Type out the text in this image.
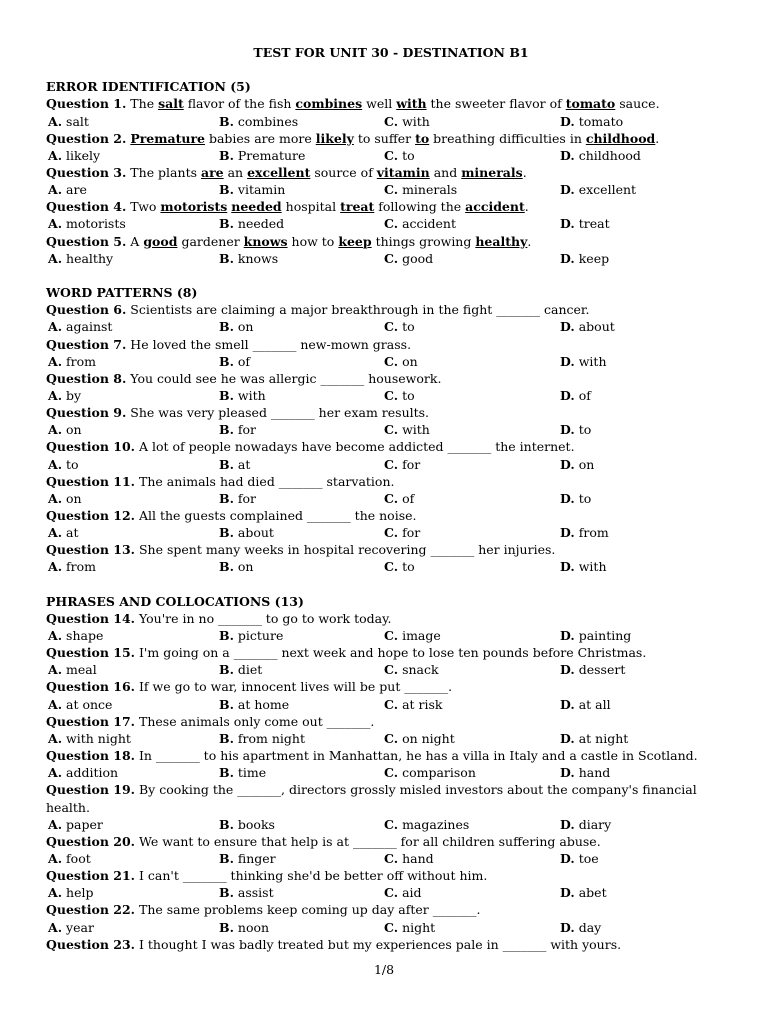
TEST FOR UNIT 30 - DESTINATION B1
ERROR IDENTIFICATION (5)
Question 1. The salt flavor of the fish combines well with the sweeter flavor of tomato sauce.
A. salt	B. combines	C. with	D. tomato
Question 2. Premature babies are more likely to suffer to breathing difficulties in childhood.
A. likely	B. Premature	C. to	D. childhood
Question 3. The plants are an excellent source of vitamin and minerals.
A. are	B. vitamin	C. minerals	D. excellent
Question 4. Two motorists needed hospital treat following the accident.
A. motorists	B. needed	C. accident	D. treat
Question 5. A good gardener knows how to keep things growing healthy.
A. healthy	B. knows	C. good	D. keep
WORD PATTERNS (8)
Question 6. Scientists are claiming a major breakthrough in the fight _______ cancer.
A. against	B. on	C. to	D. about
Question 7. He loved the smell _______ new-mown grass.
A. from	B. of	C. on	D. with
Question 8. You could see he was allergic _______ housework.
A. by	B. with	C. to	D. of
Question 9. She was very pleased _______ her exam results.
A. on	B. for	C. with	D. to
Question 10. A lot of people nowadays have become addicted _______ the internet.
A. to	B. at	C. for	D. on
Question 11. The animals had died _______ starvation.
A. on	B. for	C. of	D. to
Question 12. All the guests complained _______ the noise.
A. at	B. about	C. for	D. from
Question 13. She spent many weeks in hospital recovering _______ her injuries.
A. from	B. on	C. to	D. with
PHRASES AND COLLOCATIONS (13)
Question 14. You're in no _______ to go to work today.
A. shape	B. picture	C. image	D. painting
Question 15. I'm going on a _______ next week and hope to lose ten pounds before Christmas.
A. meal	B. diet	C. snack	D. dessert
Question 16. If we go to war, innocent lives will be put _______.
A. at once	B. at home	C. at risk	D. at all
Question 17. These animals only come out _______.
A. with night	B. from night	C. on night	D. at night
Question 18. In _______ to his apartment in Manhattan, he has a villa in Italy and a castle in Scotland.
A. addition	B. time	C. comparison	D. hand
Question 19. By cooking the _______, directors grossly misled investors about the company's financial health.
A. paper	B. books	C. magazines	D. diary
Question 20. We want to ensure that help is at _______ for all children suffering abuse.
A. foot	B. finger	C. hand	D. toe
Question 21. I can't _______ thinking she'd be better off without him.
A. help	B. assist	C. aid	D. abet
Question 22. The same problems keep coming up day after _______.
A. year	B. noon	C. night	D. day
Question 23. I thought I was badly treated but my experiences pale in _______ with yours.
1/8
